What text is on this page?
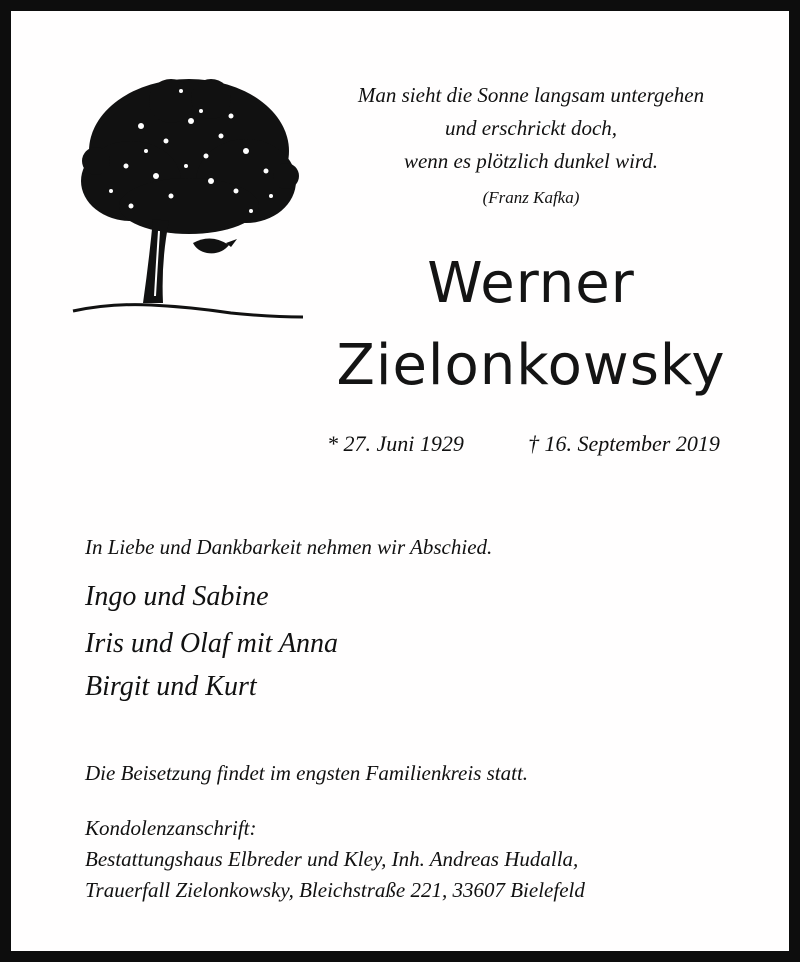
Man sieht die Sonne langsam untergehen
und erschrickt doch,
wenn es plötzlich dunkel wird.
(Franz Kafka)
Werner
Zielonkowsky
* 27. Juni 1929	† 16. September 2019
In Liebe und Dankbarkeit nehmen wir Abschied.
Ingo und Sabine
Iris und Olaf mit Anna
Birgit und Kurt
Die Beisetzung findet im engsten Familienkreis statt.
Kondolenzanschrift:
Bestattungshaus Elbreder und Kley, Inh. Andreas Hudalla,
Trauerfall Zielonkowsky, Bleichstraße 221, 33607 Bielefeld
